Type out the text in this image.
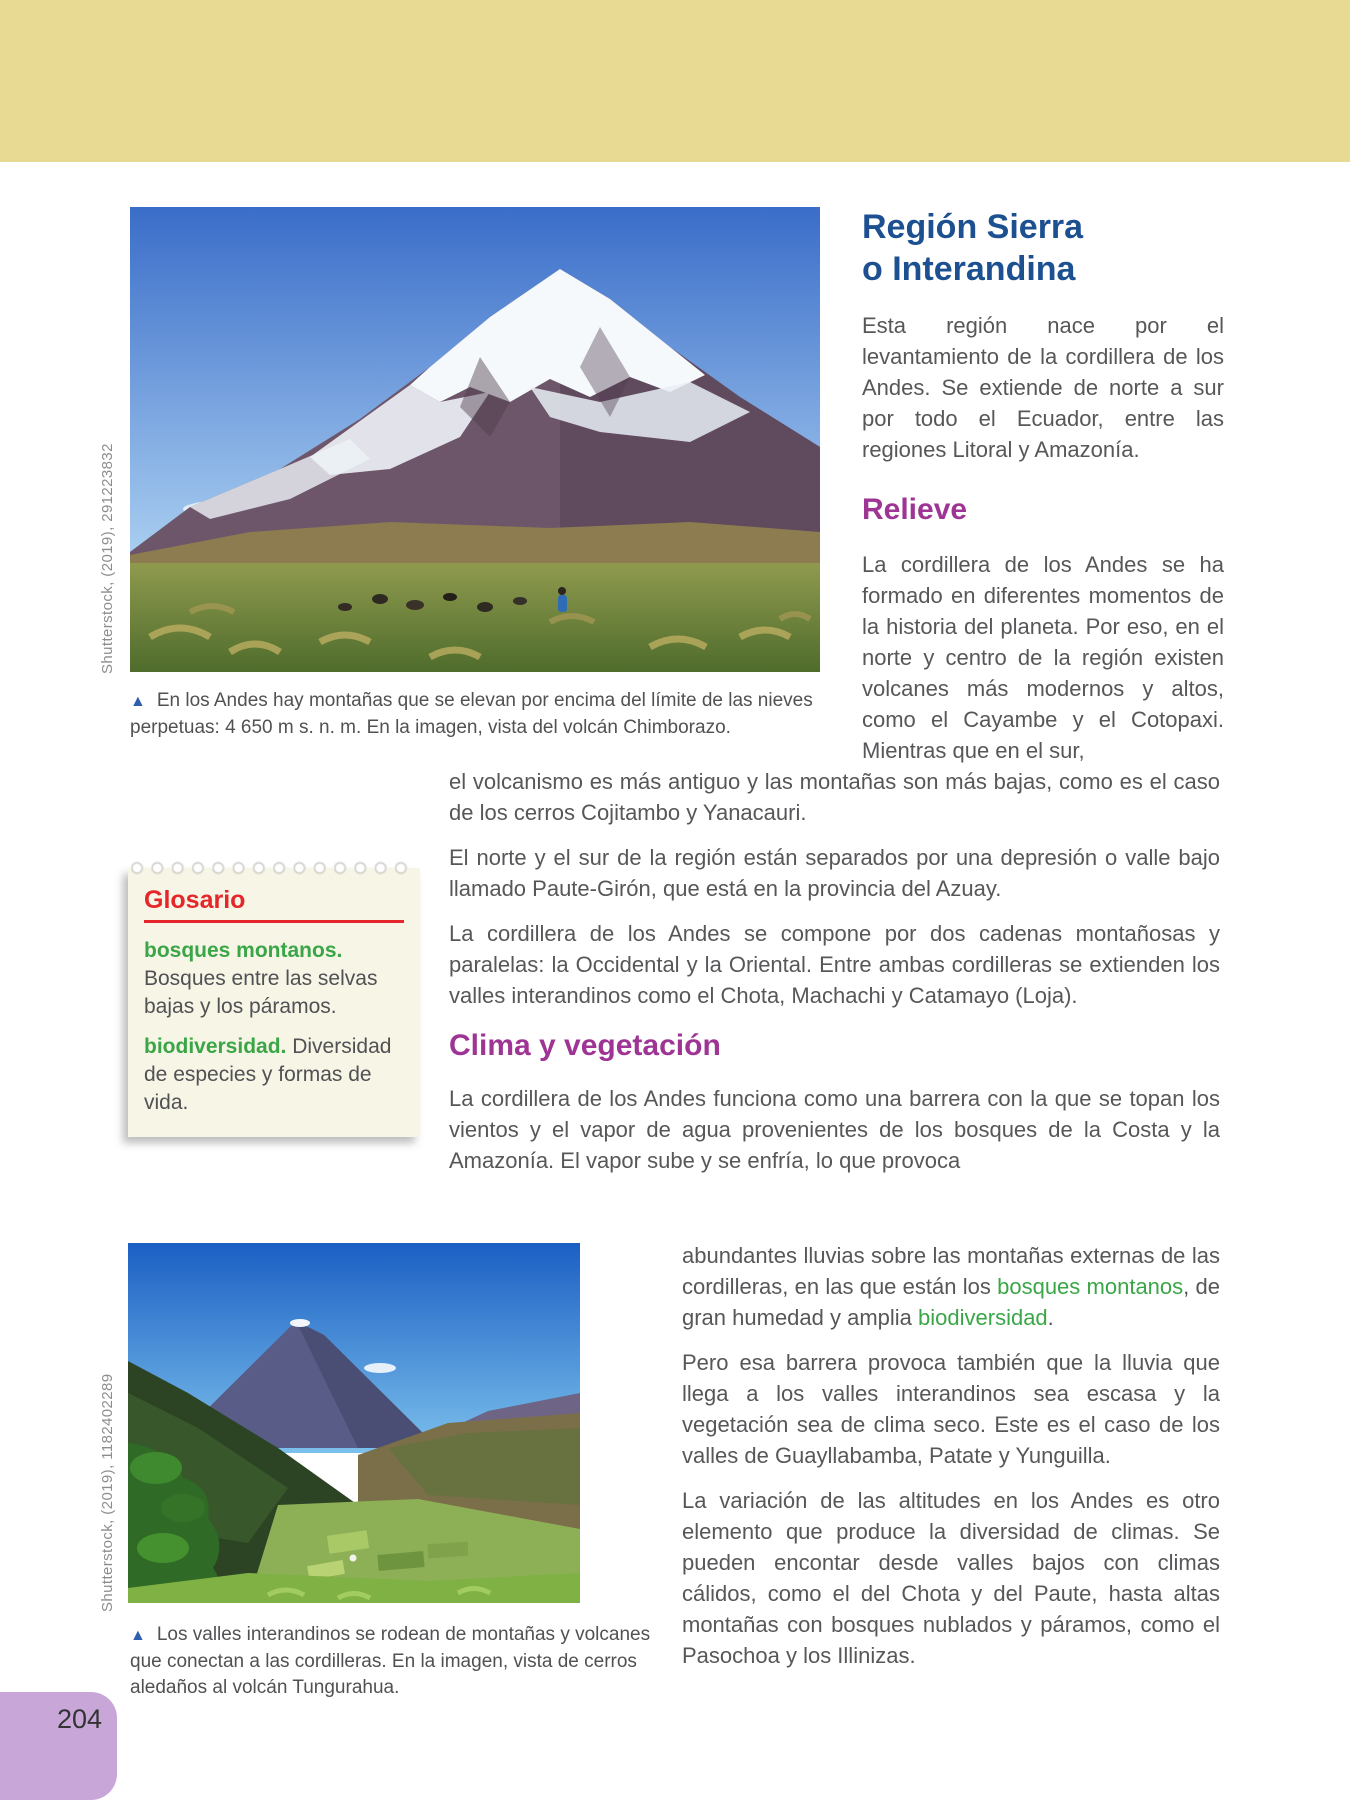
Shutterstock, (2019), 291223832
▲ En los Andes hay montañas que se elevan por encima del límite de las nieves perpetuas: 4 650 m s. n. m. En la imagen, vista del volcán Chimborazo.
Región Sierra
o Interandina

Esta región nace por el levantamiento de la cordillera de los Andes. Se extiende de norte a sur por todo el Ecuador, entre las regiones Litoral y Amazonía.

Relieve

La cordillera de los Andes se ha formado en diferentes momentos de la historia del planeta. Por eso, en el norte y centro de la región existen volcanes más modernos y altos, como el Cayambe y el Cotopaxi. Mientras que en el sur,

el volcanismo es más antiguo y las montañas son más bajas, como es el caso de los cerros Cojitambo y Yanacauri.

El norte y el sur de la región están separados por una depresión o valle bajo llamado Paute-Girón, que está en la provincia del Azuay.

La cordillera de los Andes se compone por dos cadenas montañosas y paralelas: la Occidental y la Oriental. Entre ambas cordilleras se extienden los valles interandinos como el Chota, Machachi y Catamayo (Loja).

Clima y vegetación

La cordillera de los Andes funciona como una barrera con la que se topan los vientos y el vapor de agua provenientes de los bosques de la Costa y la Amazonía. El vapor sube y se enfría, lo que provoca

Glosario

bosques montanos. Bosques entre las selvas bajas y los páramos.

biodiversidad. Diversidad de especies y formas de vida.

Shutterstock, (2019), 1182402289
▲ Los valles interandinos se rodean de montañas y volcanes que conectan a las cordilleras. En la imagen, vista de cerros aledaños al volcán Tungurahua.

abundantes lluvias sobre las montañas externas de las cordilleras, en las que están los bosques montanos, de gran humedad y amplia biodiversidad.

Pero esa barrera provoca también que la lluvia que llega a los valles interandinos sea escasa y la vegetación sea de clima seco. Este es el caso de los valles de Guayllabamba, Patate y Yunguilla.

La variación de las altitudes en los Andes es otro elemento que produce la diversidad de climas. Se pueden encontar desde valles bajos con climas cálidos, como el del Chota y del Paute, hasta altas montañas con bosques nublados y páramos, como el Pasochoa y los Illinizas.

204
